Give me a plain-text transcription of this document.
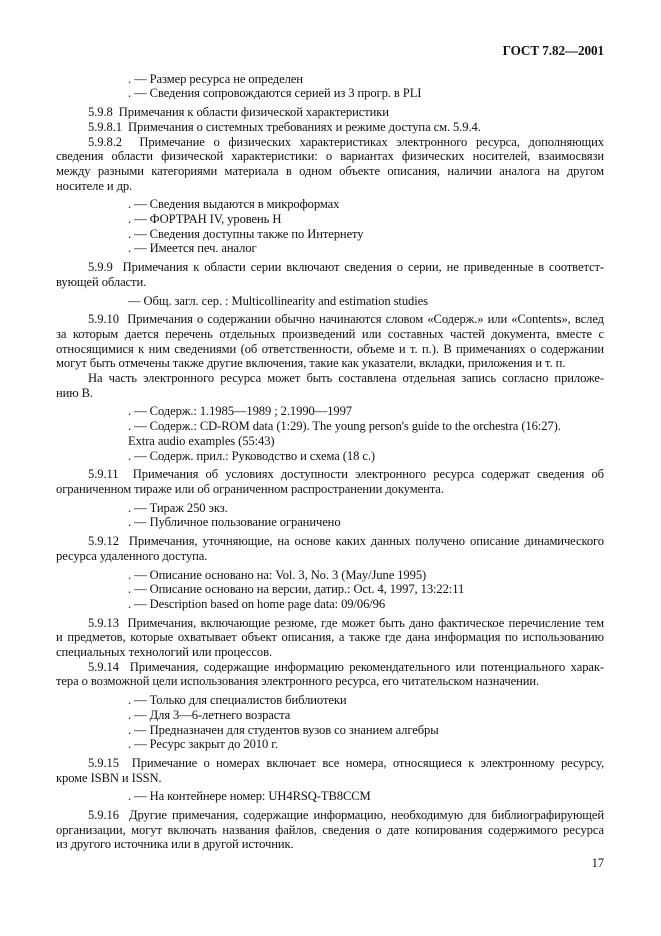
ГОСТ 7.82—2001
. — Размер ресурса не определен
. — Сведения сопровождаются серией из 3 прогр. в PLI
5.9.8  Примечания к области физической характеристики
5.9.8.1  Примечания о системных требованиях и режиме доступа см. 5.9.4.
5.9.8.2  Примечание о физических характеристиках электронного ресурса, дополняющих
сведения области физической характеристики: о вариантах физических носителей, взаимосвязи
между разными категориями материала в одном объекте описания, наличии аналога на другом
носителе и др.
. — Сведения выдаются в микроформах
. — ФОРТРАН IV, уровень Н
. — Сведения доступны также по Интернету
. — Имеется печ. аналог
5.9.9  Примечания к области серии включают сведения о серии, не приведенные в соответст-
вующей области.
— Общ. загл. сер. : Multicollinearity and estimation studies
5.9.10  Примечания о содержании обычно начинаются словом «Содерж.» или «Contents», вслед
за которым дается перечень отдельных произведений или составных частей документа, вместе с
относящимися к ним сведениями (об ответственности, объеме и т. п.). В примечаниях о содержании
могут быть отмечены также другие включения, такие как указатели, вкладки, приложения и т. п.
На часть электронного ресурса может быть составлена отдельная запись согласно приложе-
нию В.
. — Содерж.: 1.1985—1989 ; 2.1990—1997
. — Содерж.: CD-ROM data (1:29). The young person's guide to the orchestra (16:27).
Extra audio examples (55:43)
. — Содерж. прил.: Руководство и схема (18 с.)
5.9.11  Примечания об условиях доступности электронного ресурса содержат сведения об
ограниченном тираже или об ограниченном распространении документа.
. — Тираж 250 экз.
. — Публичное пользование ограничено
5.9.12  Примечания, уточняющие, на основе каких данных получено описание динамического
ресурса удаленного доступа.
. — Описание основано на: Vol. 3, No. 3 (May/June 1995)
. — Описание основано на версии, датир.: Oct. 4, 1997, 13:22:11
. — Description based on home page data: 09/06/96
5.9.13  Примечания, включающие резюме, где может быть дано фактическое перечисление тем
и предметов, которые охватывает объект описания, а также где дана информация по использованию
специальных технологий или процессов.
5.9.14  Примечания, содержащие информацию рекомендательного или потенциального харак-
тера о возможной цели использования электронного ресурса, его читательском назначении.
. — Только для специалистов библиотеки
. — Для 3—6-летнего возраста
. — Предназначен для студентов вузов со знанием алгебры
. — Ресурс закрыт до 2010 г.
5.9.15  Примечание о номерах включает все номера, относящиеся к электронному ресурсу,
кроме ISBN и ISSN.
. — На контейнере номер: UH4RSQ-TB8CCM
5.9.16  Другие примечания, содержащие информацию, необходимую для библиографирующей
организации, могут включать названия файлов, сведения о дате копирования содержимого ресурса
из другого источника или в другой источник.
17
